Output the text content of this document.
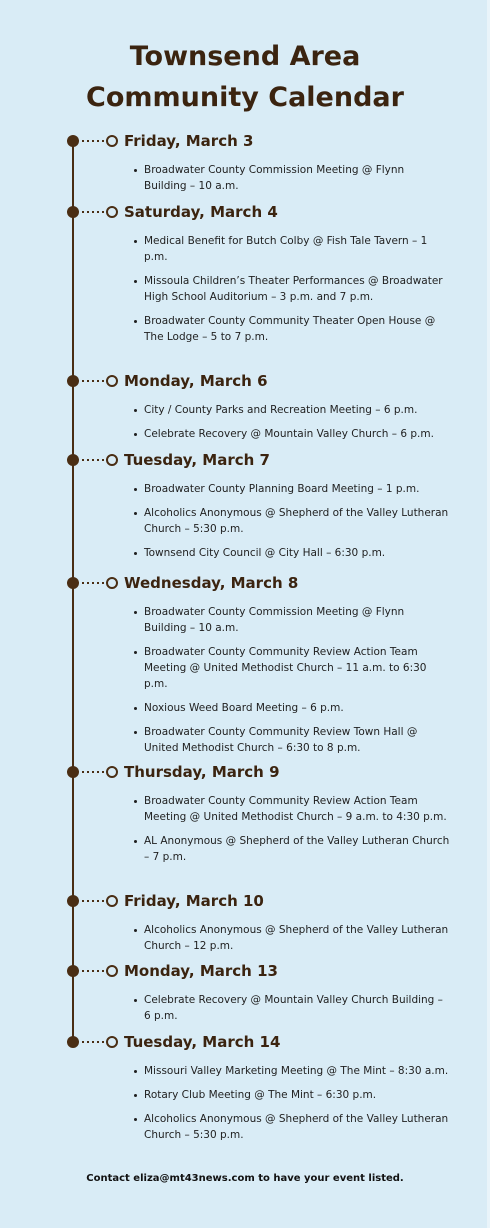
Townsend Area
Community Calendar
Friday, March 3
Broadwater County Commission Meeting @ Flynn Building – 10 a.m.
Saturday, March 4
Medical Benefit for Butch Colby @ Fish Tale Tavern – 1 p.m.
Missoula Children’s Theater Performances @ Broadwater High School Auditorium – 3 p.m. and 7 p.m.
Broadwater County Community Theater Open House @ The Lodge – 5 to 7 p.m.
Monday, March 6
City / County Parks and Recreation Meeting – 6 p.m.
Celebrate Recovery @ Mountain Valley Church – 6 p.m.
Tuesday, March 7
Broadwater County Planning Board Meeting – 1 p.m.
Alcoholics Anonymous @ Shepherd of the Valley Lutheran Church – 5:30 p.m.
Townsend City Council @ City Hall – 6:30 p.m.
Wednesday, March 8
Broadwater County Commission Meeting @ Flynn Building – 10 a.m.
Broadwater County Community Review Action Team Meeting @ United Methodist Church – 11 a.m. to 6:30 p.m.
Noxious Weed Board Meeting – 6 p.m.
Broadwater County Community Review Town Hall @ United Methodist Church – 6:30 to 8 p.m.
Thursday, March 9
Broadwater County Community Review Action Team Meeting @ United Methodist Church – 9 a.m. to 4:30 p.m.
AL Anonymous @ Shepherd of the Valley Lutheran Church – 7 p.m.
Friday, March 10
Alcoholics Anonymous @ Shepherd of the Valley Lutheran Church – 12 p.m.
Monday, March 13
Celebrate Recovery @ Mountain Valley Church Building – 6 p.m.
Tuesday, March 14
Missouri Valley Marketing Meeting @ The Mint – 8:30 a.m.
Rotary Club Meeting @ The Mint – 6:30 p.m.
Alcoholics Anonymous @ Shepherd of the Valley Lutheran Church – 5:30 p.m.
Contact eliza@mt43news.com to have your event listed.
